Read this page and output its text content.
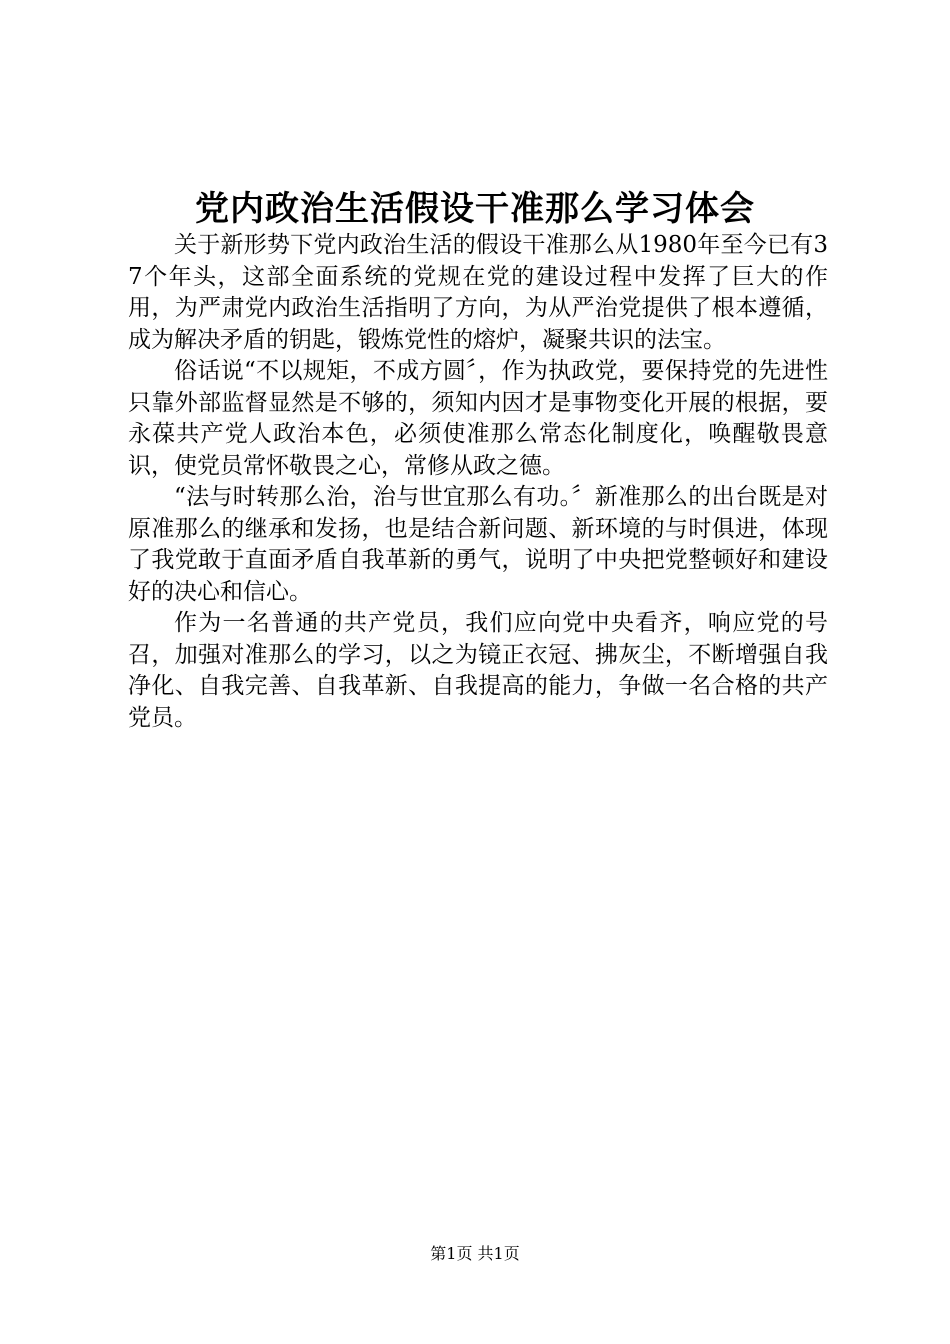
党内政治生活假设干准那么学习体会

关于新形势下党内政治生活的假设干准那么从1980年至今已有37个年头，这部全面系统的党规在党的建设过程中发挥了巨大的作用，为严肃党内政治生活指明了方向，为从严治党提供了根本遵循，成为解决矛盾的钥匙，锻炼党性的熔炉，凝聚共识的法宝。

俗话说“不以规矩，不成方圆〞，作为执政党，要保持党的先进性只靠外部监督显然是不够的，须知内因才是事物变化开展的根据，要永葆共产党人政治本色，必须使准那么常态化制度化，唤醒敬畏意识，使党员常怀敬畏之心，常修从政之德。

“法与时转那么治，治与世宜那么有功。〞新准那么的出台既是对原准那么的继承和发扬，也是结合新问题、新环境的与时俱进，体现了我党敢于直面矛盾自我革新的勇气，说明了中央把党整顿好和建设好的决心和信心。

作为一名普通的共产党员，我们应向党中央看齐，响应党的号召，加强对准那么的学习，以之为镜正衣冠、拂灰尘，不断增强自我净化、自我完善、自我革新、自我提高的能力，争做一名合格的共产党员。

第1页 共1页
